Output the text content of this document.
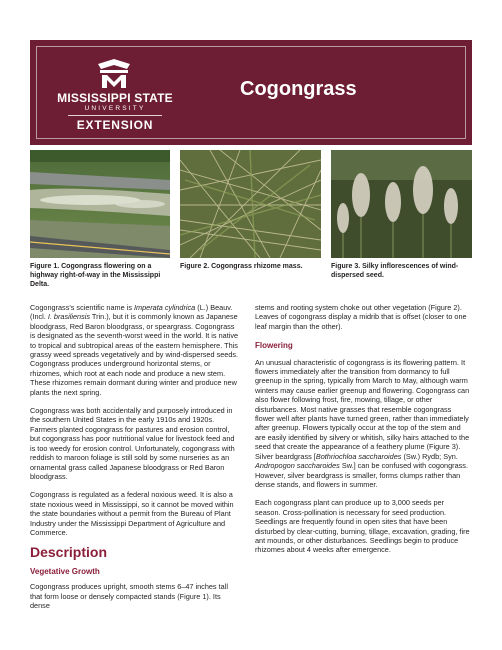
MISSISSIPPI STATE
UNIVERSITY
EXTENSION
Cogongrass
Figure 1. Cogongrass flowering on a highway right-of-way in the Mississippi Delta.
Figure 2. Cogongrass rhizome mass.	Figure 3. Silky inflorescences of wind-dispersed seed.

Cogongrass's scientific name is Imperata cylindrica (L.) Beauv. (Incl. I. brasiliensis Trin.), but it is commonly known as Japanese bloodgrass, Red Baron bloodgrass, or speargrass. Cogongrass is designated as the seventh-worst weed in the world. It is native to tropical and subtropical areas of the eastern hemisphere. This grassy weed spreads vegetatively and by wind-dispersed seeds. Cogongrass produces underground horizontal stems, or rhizomes, which root at each node and produce a new stem. These rhizomes remain dormant during winter and produce new plants the next spring.

Cogongrass was both accidentally and purposely introduced in the southern United States in the early 1910s and 1920s. Farmers planted cogongrass for pastures and erosion control, but cogongrass has poor nutritional value for livestock feed and is too weedy for erosion control. Unfortunately, cogongrass with reddish to maroon foliage is still sold by some nurseries as an ornamental grass called Japanese bloodgrass or Red Baron bloodgrass.

Cogongrass is regulated as a federal noxious weed. It is also a state noxious weed in Mississippi, so it cannot be moved within the state boundaries without a permit from the Bureau of Plant Industry under the Mississippi Department of Agriculture and Commerce.

Description
Vegetative Growth

Cogongrass produces upright, smooth stems 6–47 inches tall that form loose or densely compacted stands (Figure 1). Its dense

stems and rooting system choke out other vegetation (Figure 2). Leaves of cogongrass display a midrib that is offset (closer to one leaf margin than the other).

Flowering

An unusual characteristic of cogongrass is its flowering pattern. It flowers immediately after the transition from dormancy to full greenup in the spring, typically from March to May, although warm winters may cause earlier greenup and flowering. Cogongrass can also flower following frost, fire, mowing, tillage, or other disturbances. Most native grasses that resemble cogongrass flower well after plants have turned green, rather than immediately after greenup. Flowers typically occur at the top of the stem and are easily identified by silvery or whitish, silky hairs attached to the seed that create the appearance of a feathery plume (Figure 3). Silver beardgrass [Bothriochloa saccharoides (Sw.) Rydb; Syn. Andropogon saccharoides Sw.] can be confused with cogongrass. However, silver beardgrass is smaller, forms clumps rather than dense stands, and flowers in summer.

Each cogongrass plant can produce up to 3,000 seeds per season. Cross-pollination is necessary for seed production. Seedlings are frequently found in open sites that have been disturbed by clear-cutting, burning, tillage, excavation, grading, fire ant mounds, or other disturbances. Seedlings begin to produce rhizomes about 4 weeks after emergence.
